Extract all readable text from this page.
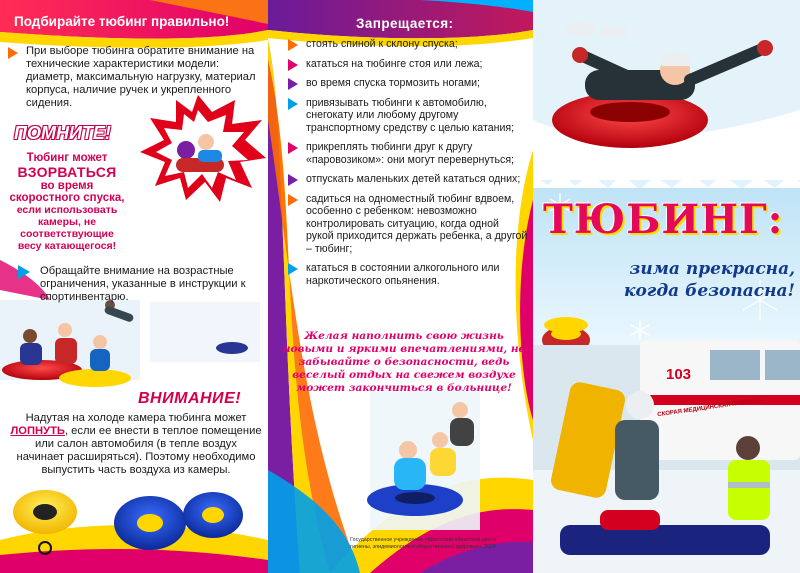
Подбирайте тюбинг правильно!
При выборе тюбинга обратите внимание на технические характеристики модели: диаметр, максимальную нагрузку, материал корпуса, наличие ручек и укрепленного сидения.
ПОМНИТЕ!
Тюбинг может
ВЗОРВАТЬСЯ
во время скоростного спуска,
если использовать камеры, не соответствующие весу катающегося!
Обращайте внимание на возрастные ограничения, указанные в инструкции к спортинвентарю.
ВНИМАНИЕ!
Надутая на холоде камера тюбинга может
ЛОПНУТЬ, если ее внести в теплое помещение или салон автомобиля (в тепле воздух начинает расширяться). Поэтому необходимо выпустить часть воздуха из камеры.
Запрещается:
стоять спиной к склону спуска;
кататься на тюбинге стоя или лежа;
во время спуска тормозить ногами;
привязывать тюбинги к автомобилю, снегокату или любому другому транспортному средству с целью катания;
прикреплять тюбинги друг к другу «паровозиком»: они могут перевернуться;
отпускать маленьких детей кататься одних;
садиться на одноместный тюбинг вдвоем, особенно с ребенком: невозможно контролировать ситуацию, когда одной рукой приходится держать ребенка, а другой – тюбинг;
кататься в состоянии алкогольного или наркотического опьянения.
Желая наполнить свою жизнь новыми и яркими впечатлениями, не забывайте о безопасности, ведь веселый отдых на свежем воздухе может закончиться в больнице!
Государственное учреждение «Брестский областной центр гигиены, эпидемиологии и общественного здоровья», 2024
ТЮБИНГ:
зима прекрасна,
когда безопасна!
103
СКОРАЯ МЕДИЦИНСКАЯ ПОМОЩЬ
